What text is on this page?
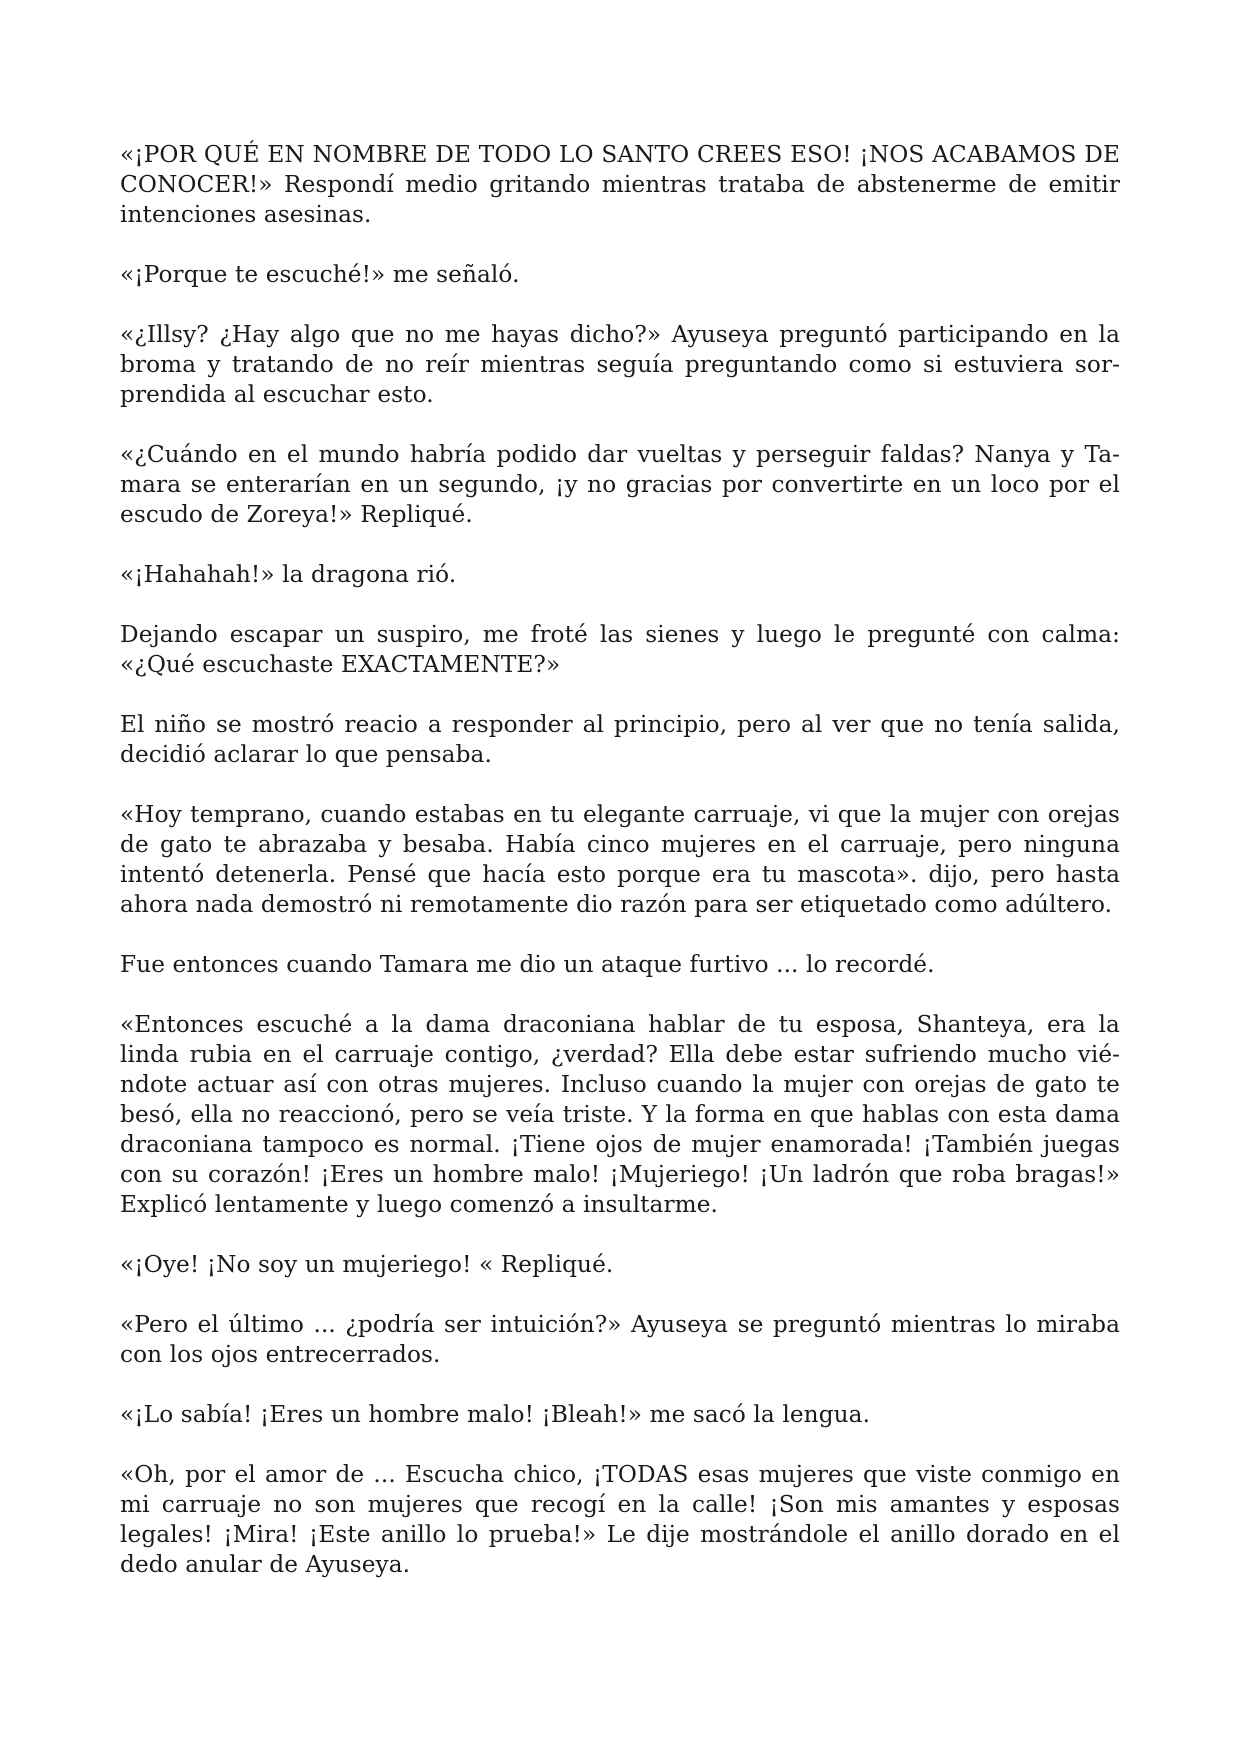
«¡POR QUÉ EN NOMBRE DE TODO LO SANTO CREES ESO! ¡NOS ACABAMOS DE CONOCER!» Respondí medio gritando mientras trataba de abstenerme de emitir intenciones asesinas.

«¡Porque te escuché!» me señaló.

«¿Illsy? ¿Hay algo que no me hayas dicho?» Ayuseya preguntó participando en la broma y tratando de no reír mientras seguía preguntando como si estuviera sorprendida al escuchar esto.

«¿Cuándo en el mundo habría podido dar vueltas y perseguir faldas? Nanya y Tamara se enterarían en un segundo, ¡y no gracias por convertirte en un loco por el escudo de Zoreya!» Repliqué.

«¡Hahahah!» la dragona rió.

Dejando escapar un suspiro, me froté las sienes y luego le pregunté con calma: «¿Qué escuchaste EXACTAMENTE?»

El niño se mostró reacio a responder al principio, pero al ver que no tenía salida, decidió aclarar lo que pensaba.

«Hoy temprano, cuando estabas en tu elegante carruaje, vi que la mujer con orejas de gato te abrazaba y besaba. Había cinco mujeres en el carruaje, pero ninguna intentó detenerla. Pensé que hacía esto porque era tu mascota». dijo, pero hasta ahora nada demostró ni remotamente dio razón para ser etiquetado como adúltero.

Fue entonces cuando Tamara me dio un ataque furtivo ... lo recordé.

«Entonces escuché a la dama draconiana hablar de tu esposa, Shanteya, era la linda rubia en el carruaje contigo, ¿verdad? Ella debe estar sufriendo mucho viéndote actuar así con otras mujeres. Incluso cuando la mujer con orejas de gato te besó, ella no reaccionó, pero se veía triste. Y la forma en que hablas con esta dama draconiana tampoco es normal. ¡Tiene ojos de mujer enamorada! ¡También juegas con su corazón! ¡Eres un hombre malo! ¡Mujeriego! ¡Un ladrón que roba bragas!» Explicó lentamente y luego comenzó a insultarme.

«¡Oye! ¡No soy un mujeriego! « Repliqué.

«Pero el último ... ¿podría ser intuición?» Ayuseya se preguntó mientras lo miraba con los ojos entrecerrados.

«¡Lo sabía! ¡Eres un hombre malo! ¡Bleah!» me sacó la lengua.

«Oh, por el amor de ... Escucha chico, ¡TODAS esas mujeres que viste conmigo en mi carruaje no son mujeres que recogí en la calle! ¡Son mis amantes y esposas legales! ¡Mira! ¡Este anillo lo prueba!» Le dije mostrándole el anillo dorado en el dedo anular de Ayuseya.
